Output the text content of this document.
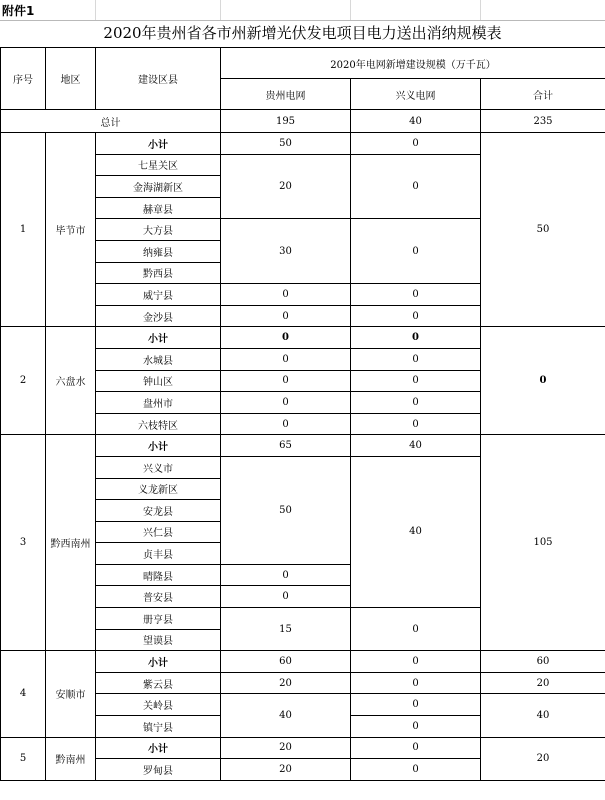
附件1
2020年贵州省各市州新增光伏发电项目电力送出消纳规模表
序号	地区	建设区县	2020年电网新增建设规模（万千瓦）		
			贵州电网	兴义电网	合计
总计			195	40	235
1	毕节市	小计	50	0	50
		七星关区	20	0	
		金海湖新区			
		赫章县			
		大方县	30	0	
		纳雍县			
		黔西县			
		威宁县	0	0	
		金沙县	0	0	
2	六盘水	小计	0	0	0
		水城县	0	0	
		钟山区	0	0	
		盘州市	0	0	
		六枝特区	0	0	
3	黔西南州	小计	65	40	105
		兴义市	50	40	
		义龙新区			
		安龙县			
		兴仁县			
		贞丰县			
		晴隆县	0		
		普安县	0		
		册亨县	15	0	
		望谟县			
4	安顺市	小计	60	0	60
		紫云县	20	0	20
		关岭县	40	0	40
		镇宁县		0	
5	黔南州	小计	20	0	20
		罗甸县	20	0	
